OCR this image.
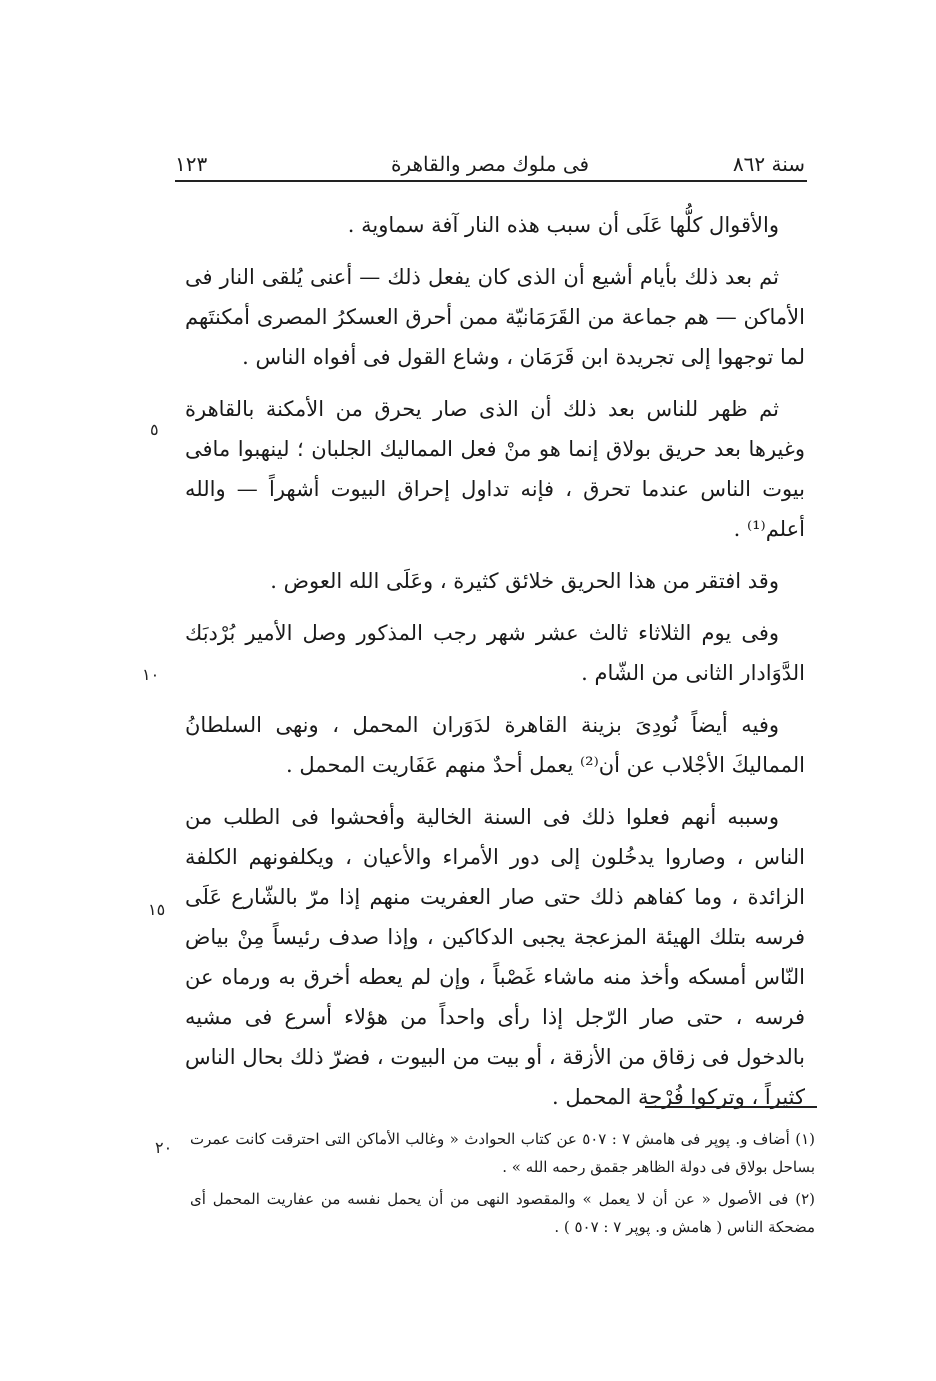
سنة ٨٦٢
فى ملوك مصر والقاهرة
١٢٣

والأقوال كلُّها عَلَى أن سبب هذه النار آفة سماوية .

ثم بعد ذلك بأيام أشيع أن الذى كان يفعل ذلك — أعنى يُلقى النار فى الأماكن — هم جماعة من القَرَمَانيّة ممن أحرق العسكرُ المصرى أمكنتَهم لما توجهوا إلى تجريدة ابن قَرَمَان ، وشاع القول فى أفواه الناس .

ثم ظهر للناس بعد ذلك أن الذى صار يحرق من الأمكنة بالقاهرة وغيرها بعد حريق بولاق إنما هو منْ فعل المماليك الجلبان ؛ لينهبوا مافى بيوت الناس عندما تحرق ، فإنه تداول إحراق البيوت أشهراً — والله أعلم⁽¹⁾ .

وقد افتقر من هذا الحريق خلائق كثيرة ، وعَلَى الله العوض .

وفى يوم الثلاثاء ثالث عشر شهر رجب المذكور وصل الأمير بُرْدبَك الدَّوَادار الثانى من الشّام .

وفيه أيضاً نُودِىَ بزينة القاهرة لدَوَران المحمل ، ونهى السلطانُ المماليكَ الأجْلاب عن أن⁽²⁾ يعمل أحدٌ منهم عَفَاريت المحمل .

وسببه أنهم فعلوا ذلك فى السنة الخالية وأفحشوا فى الطلب من الناس ، وصاروا يدخُلون إلى دور الأمراء والأعيان ، ويكلفونهم الكلفة الزائدة ، وما كفاهم ذلك حتى صار العفريت منهم إذا مرّ بالشّارع عَلَى فرسه بتلك الهيئة المزعجة يجبى الدكاكين ، وإذا صدف رئيساً مِنْ بياض النّاس أمسكه وأخذ منه ماشاء غَصْباً ، وإن لم يعطه أخرق به ورماه عن فرسه ، حتى صار الرّجل إذا رأى واحداً من هؤلاء أسرع فى مشيه بالدخول فى زقاق من الأزقة ، أو بيت من البيوت ، فضرّ ذلك بحال الناس كثيراً ، وتركوا فُرْجة المحمل .

٥
١٠
١٥
٢٠ (١) أضاف و. پوپر فى هامش ٧ : ٥٠٧ عن كتاب الحوادث « وغالب الأماكن التى احترقت كانت عمرت بساحل بولاق فى دولة الظاهر جقمق رحمه الله » .

(٢) فى الأصول « عن أن لا يعمل » والمقصود النهى من أن يحمل نفسه من عفاريت المحمل أى مضحكة الناس ( هامش و. پوپر ٧ : ٥٠٧ ) .
